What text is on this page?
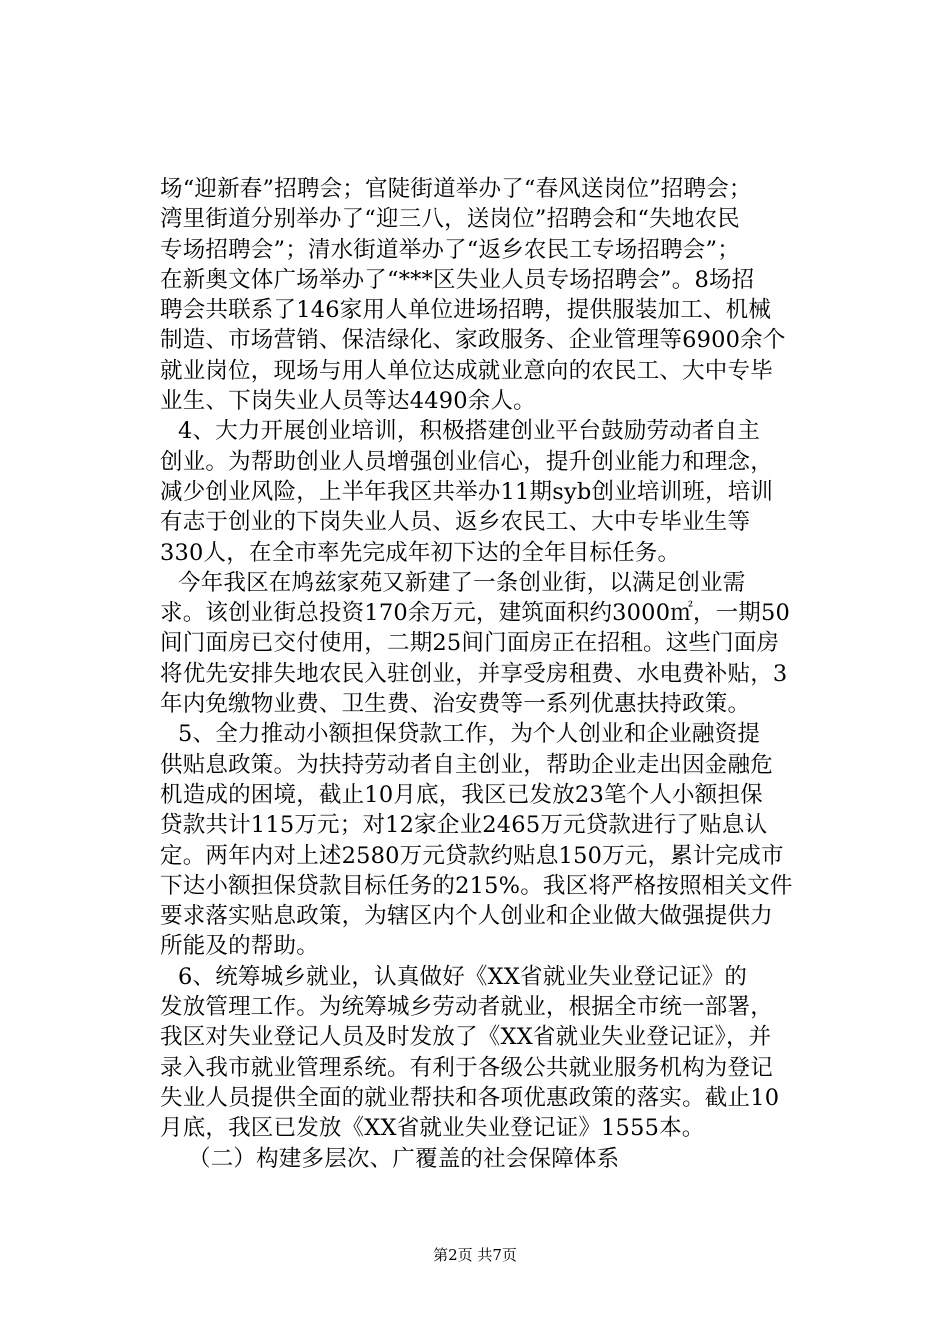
场“迎新春”招聘会；官陡街道举办了“春风送岗位”招聘会；
湾里街道分别举办了“迎三八，送岗位”招聘会和“失地农民
专场招聘会”；清水街道举办了“返乡农民工专场招聘会”；
在新奥文体广场举办了“***区失业人员专场招聘会”。8场招
聘会共联系了146家用人单位进场招聘，提供服装加工、机械
制造、市场营销、保洁绿化、家政服务、企业管理等6900余个
就业岗位，现场与用人单位达成就业意向的农民工、大中专毕
业生、下岗失业人员等达4490余人。
4、大力开展创业培训，积极搭建创业平台鼓励劳动者自主
创业。为帮助创业人员增强创业信心，提升创业能力和理念，
减少创业风险，上半年我区共举办11期syb创业培训班，培训
有志于创业的下岗失业人员、返乡农民工、大中专毕业生等
330人，在全市率先完成年初下达的全年目标任务。
今年我区在鸠兹家苑又新建了一条创业街，以满足创业需
求。该创业街总投资170余万元，建筑面积约3000㎡，一期50
间门面房已交付使用，二期25间门面房正在招租。这些门面房
将优先安排失地农民入驻创业，并享受房租费、水电费补贴，3
年内免缴物业费、卫生费、治安费等一系列优惠扶持政策。
5、全力推动小额担保贷款工作，为个人创业和企业融资提
供贴息政策。为扶持劳动者自主创业，帮助企业走出因金融危
机造成的困境，截止10月底，我区已发放23笔个人小额担保
贷款共计115万元；对12家企业2465万元贷款进行了贴息认
定。两年内对上述2580万元贷款约贴息150万元，累计完成市
下达小额担保贷款目标任务的215%。我区将严格按照相关文件
要求落实贴息政策，为辖区内个人创业和企业做大做强提供力
所能及的帮助。
6、统筹城乡就业，认真做好《XX省就业失业登记证》的
发放管理工作。为统筹城乡劳动者就业，根据全市统一部署，
我区对失业登记人员及时发放了《XX省就业失业登记证》，并
录入我市就业管理系统。有利于各级公共就业服务机构为登记
失业人员提供全面的就业帮扶和各项优惠政策的落实。截止10
月底，我区已发放《XX省就业失业登记证》1555本。
（二）构建多层次、广覆盖的社会保障体系
第2页 共7页
